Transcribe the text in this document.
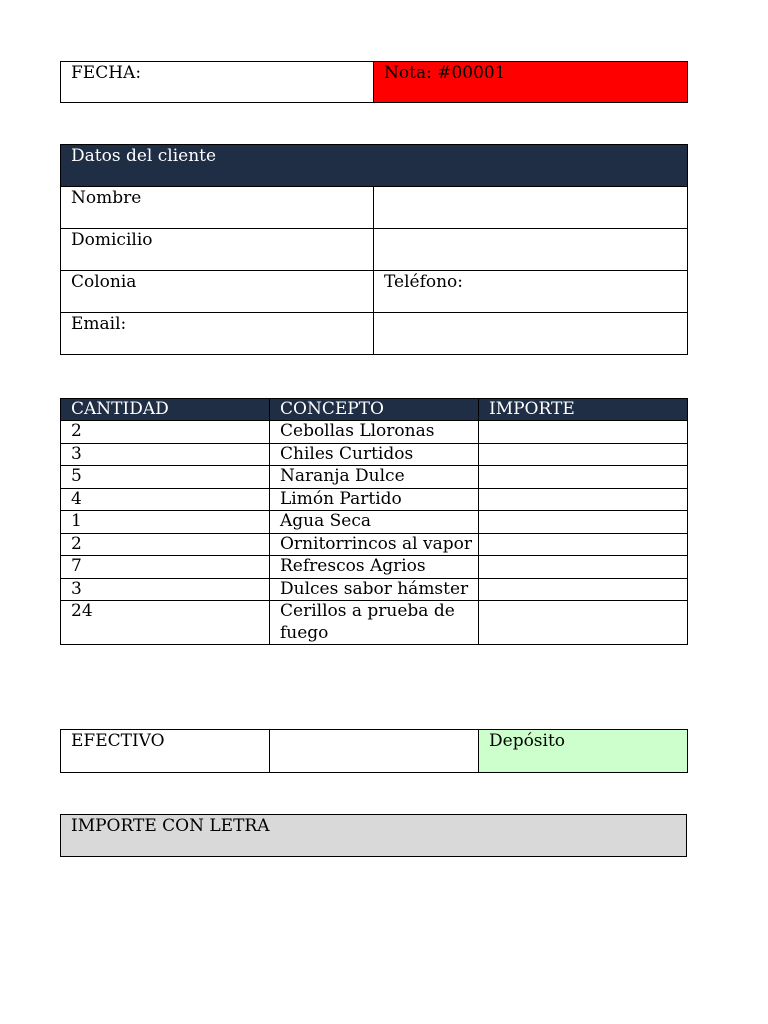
FECHA:	Nota: #00001
Datos del cliente	

Nombre	

Domicilio	

Colonia	Teléfono:

Email:	

CANTIDAD	CONCEPTO	IMPORTE
2	Cebollas Lloronas	
3	Chiles Curtidos	
5	Naranja Dulce	
4	Limón Partido	
1	Agua Seca	
2	Ornitorrincos al vapor	
7	Refrescos Agrios	
3	Dulces sabor hámster	
24	Cerillos a prueba de fuego	
EFECTIVO		Depósito
IMPORTE CON LETRA
